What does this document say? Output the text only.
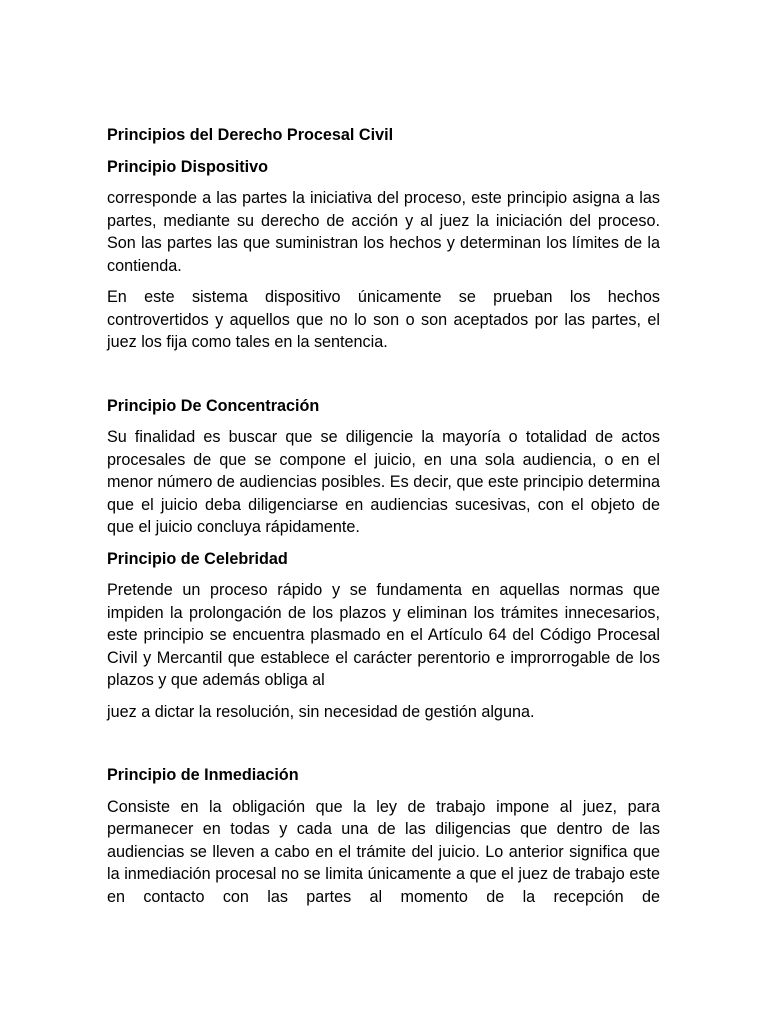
Principios del Derecho Procesal Civil

Principio Dispositivo

corresponde a las partes la iniciativa del proceso, este principio asigna a las partes, mediante su derecho de acción y al juez la iniciación del proceso. Son las partes las que suministran los hechos y determinan los límites de la contienda.

En este sistema dispositivo únicamente se prueban los hechos controvertidos y aquellos que no lo son o son aceptados por las partes, el juez los fija como tales en la sentencia.

Principio De Concentración

Su finalidad es buscar que se diligencie la mayoría o totalidad de actos procesales de que se compone el juicio, en una sola audiencia, o en el menor número de audiencias posibles. Es decir, que este principio determina que el juicio deba diligenciarse en audiencias sucesivas, con el objeto de que el juicio concluya rápidamente.

Principio de Celebridad

Pretende un proceso rápido y se fundamenta en aquellas normas que impiden la prolongación de los plazos y eliminan los trámites innecesarios, este principio se encuentra plasmado en el Artículo 64 del Código Procesal Civil y Mercantil que establece el carácter perentorio e improrrogable de los plazos y que además obliga al

juez a dictar la resolución, sin necesidad de gestión alguna.

Principio de Inmediación

Consiste en la obligación que la ley de trabajo impone al juez, para permanecer en todas y cada una de las diligencias que dentro de las audiencias se lleven a cabo en el trámite del juicio. Lo anterior significa que la inmediación procesal no se limita únicamente a que el juez de trabajo este en contacto con las partes al momento de la recepción de
